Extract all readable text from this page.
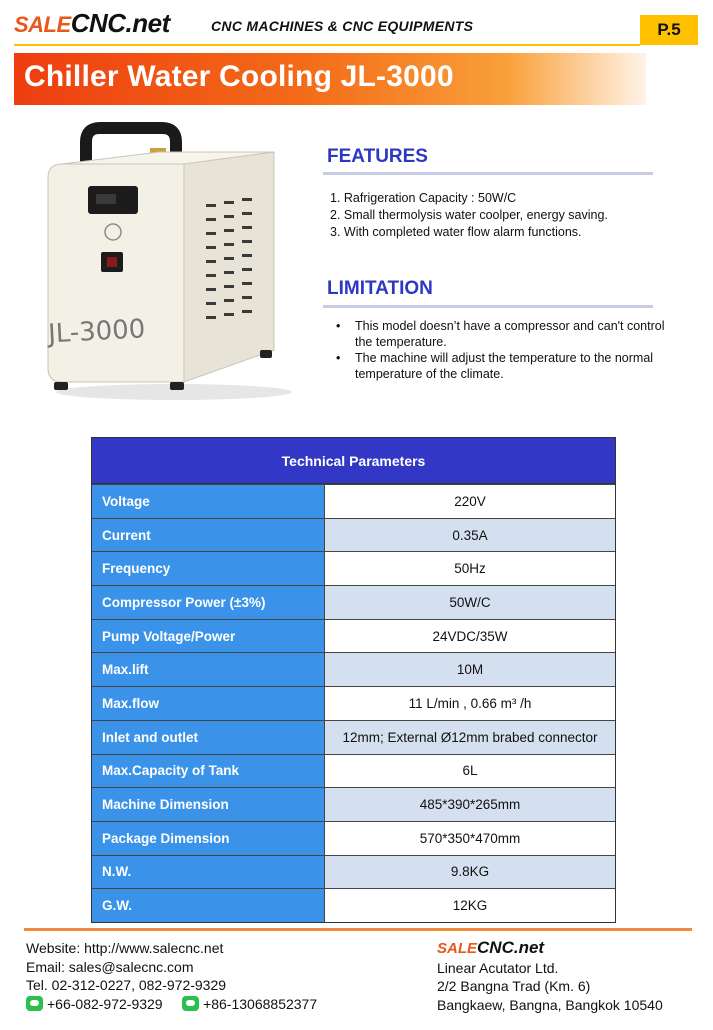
SALECNC.net	CNC MACHINES & CNC EQUIPMENTS	P.5
Chiller Water Cooling JL-3000
JL-3000
FEATURES
1. Rafrigeration Capacity : 50W/C
2. Small thermolysis water coolper, energy saving.
3. With completed water flow alarm functions.
LIMITATION
• This model doesn’t have a compressor and can't control the temperature.
• The machine will adjust the temperature to the normal temperature of the climate.
Technical Parameters
Voltage	220V
Current	0.35A
Frequency	50Hz
Compressor Power (±3%)	50W/C
Pump Voltage/Power	24VDC/35W
Max.lift	10M
Max.flow	11 L/min , 0.66 m³ /h
Inlet and outlet	12mm; External Ø12mm brabed connector
Max.Capacity of Tank	6L
Machine Dimension	485*390*265mm
Package Dimension	570*350*470mm
N.W.	9.8KG
G.W.	12KG
Website: http://www.salecnc.net
Email: sales@salecnc.com
Tel. 02-312-0227, 082-972-9329
+66-082-972-9329
	+86-13068852377
SALECNC.net
Linear Acutator Ltd.
2/2 Bangna Trad (Km. 6)
Bangkaew, Bangna, Bangkok 10540
